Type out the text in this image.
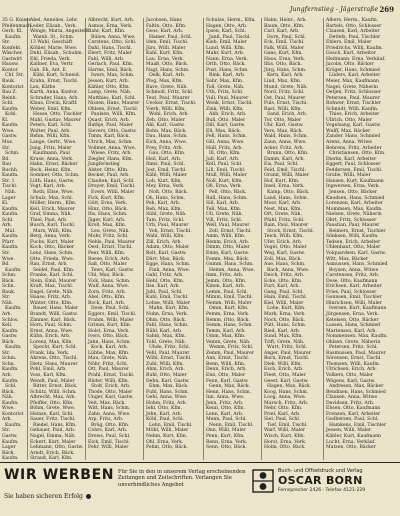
Jungfernstieg - Jägerstraße 269
35 G. Kniesc
Pfeifenmach
Gerb. Kl.
Kaufm.
Str.
Konfekt.
Wäscher.
Gastwirt
Hausw.
Kontor
Chf. Str.
Bauk.
Kontorist
Bau Z.
Reinh.
Schl.
Kaufm.
Kohl.
Kl.
Kaufm.
Wwe.
Gastw.
Mus.
Str.
Schm.
Bd.
Bau
Buchh.
Kaufm.
Str. 1
Tischl.
Näh.
Lager
Kl.
Kaufm.
Kaufm.
Schl.
Arb.
Mal.
Kaufm.
Pfarr.
Kaufm.
Str.
Wwe.
Bd.
Kaufm.
Schm.
Bäck.
Schn.
Bauk.
Str.
Näh.
Kaufm.
Arb.
Schlos.
Kell.
Kaufm.
Gastw.
Bäck.
Kaufm.
Str.
Schm.
Schn.
Kaufm.
Arb.
Kaufm.
Schl.
Bäck.
Näh.
Kaufm.
Wwe.
Kontorist
Arb.
Kaufm.
Str.
Gastw.
Kaufm.
Lager
Bäck.
Kaufm.
Abel, Annelies, Lehr.
Leder, Elisab., Verk.
Wenge, Maria, Angestellt
Wamb. St., Schm.
13 Wahl, Geschäft
Köhler, Marie, Wwe.
Duhl, Elisab., Schuhm.
Ehl, Frieda, Verk.
Kallner, Eva, Vertr.
Gab. Eh, Ant. E.
Kühl, Kurt, Schneid.
Krahn, Ernst, Tischl.
Lau, Käthe
Kurth, Anna, Kontor.
Schrader, Hans, Arb.
Klaus, Erwin, Kraftf.
Weber, Emil, Kfm.
Hesse, Otto, Tischler
Mahl, Gustav, Maurer
Peters, Karl, Schl.
Wolter, Paul, Arb.
Rehm, Willi, Kfm.
Lange, Gertr., Wwe.
Jung, Fritz, Maler
Kaufmann, Paul
Kruse, Anna, Verk.
Hahn, Ernst, Bäcker
Beck, Heinz, Kfm.
Sommer, Otto, Schm.
Lüth, Hans, Gastw.
Vogt, Karl, Arb.
Roth, Elise, Wwe.
Schulz, Max, Schl.
Möller, Herm., Kfm.
Keil, Erich, Maurer
Graf, Emma, Näh.
Thiel, Paul, Arb.
Busch, Karl, Tischl.
Marx, Willi, Kfm.
Berg, Anna, Verk.
Fuchs, Kurt, Maler
Koch, Otto, Bäcker
Lenz, Hans, Schm.
Otto, Frieda, Wwe.
Rau, Ernst, Arb.
Seidel, Paul, Kfm.
Franke, Karl, Schl.
Stein, Emil, Maurer
Kraft, Max, Tischl.
Engel, Grete, Näh.
Haase, Fritz, Arb.
Winter, Otto, Kfm.
Bauer, Hans, Maler
Brandt, Willi, Gastw.
Zimmer, Karl, Bäck.
Horn, Paul, Schm.
Ernst, Anna, Wwe.
Kühn, Erich, Arb.
Lorenz, Max, Kfm.
Specht, Kurt, Schl.
Frank, Ida, Verk.
Ahrens, Otto, Tischl.
Dietz, Hans, Maurer
Pohl, Emil, Arb.
Voss, Karl, Kfm.
Wendt, Paul, Maler
Ritter, Ernst, Bäck.
Schütz, Willi, Schm.
Albrecht, Max, Arb.
Pfeiffer, Otto, Kfm.
Böhm, Grete, Wwe.
Heinze, Karl, Schl.
Sauer, Fritz, Tischl.
Riedel, Hans, Kfm.
Gebauer, Paul, Arb.
Nagel, Emma, Näh.
Eckert, Kurt, Maler
Lehmann, Otto, Gastw.
Arndt, Erich, Bäck.
Strauß, Karl, Kfm.
Albrecht, Kurt, Arb.
Asmus, Erna, Verk.
Bahr, Karl, Kfm.
Bülow, Anna, Wwe.
Carstens, Otto, Schl.
Dahl, Hans, Tischl.
Ebert, Fritz, Maler
Fahl, Willi, Arb.
Gerlach, Paul, Kfm.
Harms, Emil, Bäck.
Iwers, Max, Schm.
Jessen, Kurt, Arb.
Kähler, Otto, Kfm.
Lamp, Grete, Näh.
Matthies, Karl, Schl.
Nissen, Hans, Maurer
Ohlsen, Ernst, Tischl.
Paulsen, Willi, Kfm.
Quast, Erich, Arb.
Rathje, Paul, Maler
Sievers, Otto, Gastw.
Timm, Karl, Bäck.
Ulrich, Max, Schm.
Vollmer, Anna, Wwe.
Wiese, Fritz, Arb.
Ziegler, Hans, Kfm.
Jungfernstieg
Alster, Otto, Kfm.
Becker, Paul, Arb.
Claußen, Karl, Schl.
Dreyer, Emil, Tischl.
Evers, Willi, Maler
Fick, Kurt, Kfm.
Gött, Erna, Verk.
Hinz, Otto, Bäck.
Ibs, Hans, Schm.
Jäger, Karl, Arb.
Kroll, Max, Kfm.
Leu, Grete, Näh.
Mohr, Fritz, Schl.
Nehls, Paul, Maurer
Oest, Ernst, Tischl.
Peer, Willi, Kfm.
Reese, Erich, Arb.
Saß, Otto, Maler
Tews, Karl, Gastw.
Uhl, Max, Bäck.
Vick, Hans, Schm.
Wulf, Anna, Wwe.
Zorn, Fritz, Arb.
Abel, Otto, Kfm.
Bock, Karl, Arb.
Dose, Paul, Schl.
Eggers, Emil, Tischl.
Frahm, Willi, Maler
Grimm, Kurt, Kfm.
Holst, Erna, Verk.
Ivers, Otto, Bäck.
Jahn, Hans, Schm.
Kock, Karl, Arb.
Lübbe, Max, Kfm.
Mau, Grete, Näh.
Nöhr, Fritz, Schl.
Ott, Paul, Maurer
Prahl, Ernst, Tischl.
Rüder, Willi, Kfm.
Stolt, Erich, Arb.
Thode, Otto, Maler
Unger, Karl, Gastw.
Veit, Max, Bäck.
Witt, Hans, Schm.
Zahn, Anna, Wwe.
Arp, Fritz, Arb.
Brüg, Otto, Kfm.
Cohrs, Karl, Arb.
Drews, Paul, Schl.
Eick, Emil, Tischl.
Fehr, Willi, Maler
Jacobsen, Hans
Faltin, Otto, Kfm.
Goos, Karl, Arb.
Hamer, Paul, Schl.
Iden, Emil, Tischl.
Jürs, Willi, Maler
Kahl, Kurt, Kfm.
Lau, Erna, Verk.
Maaß, Otto, Bäck.
Nagl, Hans, Schm.
Oelk, Karl, Arb.
Plog, Max, Kfm.
Rave, Grete, Näh.
Schmoll, Fritz, Schl.
Teut, Paul, Maurer
Uecker, Ernst, Tischl.
Vierk, Willi, Kfm.
Wohl, Erich, Arb.
Zeh, Otto, Maler
Ahl, Karl, Gastw.
Bohn, Max, Bäck.
Dau, Hans, Schm.
Eich, Anna, Wwe.
Frey, Fritz, Arb.
Gau, Otto, Kfm.
Heil, Karl, Arb.
Ihms, Paul, Schl.
Jost, Emil, Tischl.
Kähl, Willi, Maler
Loh, Kurt, Kfm.
Mey, Erna, Verk.
Nolt, Otto, Bäck.
Oh, Hans, Schm.
Peh, Karl, Arb.
Reh, Max, Kfm.
Sühl, Grete, Näh.
Tam, Fritz, Schl.
Urb, Paul, Maurer
Voh, Ernst, Tischl.
Wahl, Willi, Kfm.
Zill, Erich, Arb.
Adam, Otto, Maler
Bolt, Karl, Gastw.
Dürr, Max, Bäck.
Egge, Hans, Schm.
Fink, Anna, Wwe.
Gahl, Fritz, Arb.
Hehl, Otto, Kfm.
Ilse, Karl, Arb.
Juhl, Paul, Schl.
Kuhl, Emil, Tischl.
Lohse, Willi, Maler
Mahn, Kurt, Kfm.
Nuhn, Erna, Verk.
Ohm, Otto, Bäck.
Pahl, Hans, Schm.
Rühl, Karl, Arb.
Sahm, Max, Kfm.
Tohl, Grete, Näh.
Uhde, Fritz, Schl.
Vehl, Paul, Maurer
Wöhl, Ernst, Tischl.
Zuhl, Willi, Kfm.
Ahm, Erich, Arb.
Buhl, Otto, Maler
Dehn, Karl, Gastw.
Ehm, Max, Bäck.
Fuhl, Hans, Schm.
Gehl, Anna, Wwe.
Hohm, Fritz, Arb.
Iehl, Otto, Kfm.
Jehn, Karl, Arb.
Köhl, Paul, Schl.
Lehn, Emil, Tischl.
Mühl, Willi, Maler
Nehm, Kurt, Kfm.
Ohl, Erna, Verk.
Pehm, Otto, Bäck.
Schulze, Herm., Kfm.
Hagen, Otto, Arb.
Ipsen, Karl, Schl.
Janß, Paul, Tischl.
Kieb, Emil, Maler
Lund, Willi, Kfm.
Mahr, Kurt, Arb.
Nann, Erna, Verk.
Orth, Otto, Bäck.
Pust, Hans, Schm.
Rink, Karl, Arb.
Sahr, Max, Kfm.
Toll, Grete, Näh.
Uth, Fritz, Schl.
Vull, Paul, Maurer
Wenk, Ernst, Tischl.
Zink, Willi, Kfm.
Abb, Erich, Arb.
Bull, Otto, Maler
Dill, Karl, Gastw.
Ell, Max, Bäck.
Fell, Hans, Schm.
Gill, Anna, Wwe.
Hull, Fritz, Arb.
Ill, Otto, Kfm.
Jull, Karl, Arb.
Kell, Paul, Schl.
Lill, Emil, Tischl.
Mull, Willi, Maler
Noll, Kurt, Kfm.
Oll, Erna, Verk.
Pell, Otto, Bäck.
Rull, Hans, Schm.
Sill, Karl, Arb.
Tell, Max, Kfm.
Ull, Grete, Näh.
Vill, Fritz, Schl.
Well, Paul, Maurer
Zell, Ernst, Tischl.
Amm, Willi, Kfm.
Bemm, Erich, Arb.
Dimm, Otto, Maler
Emm, Karl, Gastw.
Fomm, Max, Bäck.
Gumm, Hans, Schm.
Hemm, Anna, Wwe.
Imm, Fritz, Arb.
Jemm, Otto, Kfm.
Kimm, Karl, Arb.
Lemm, Paul, Schl.
Mimm, Emil, Tischl.
Nemm, Willi, Maler
Omm, Kurt, Kfm.
Pemm, Erna, Verk.
Remm, Otto, Bäck.
Semm, Hans, Schm.
Temm, Karl, Arb.
Umm, Max, Kfm.
Vemm, Grete, Näh.
Wemm, Fritz, Schl.
Zemm, Paul, Maurer
Ann, Ernst, Tischl.
Benn, Willi, Kfm.
Denn, Erich, Arb.
Enn, Otto, Maler
Fenn, Karl, Gastw.
Genn, Max, Bäck.
Henn, Hans, Schm.
Inn, Anna, Wwe.
Jenn, Fritz, Arb.
Kenn, Otto, Kfm.
Lenn, Karl, Arb.
Menn, Paul, Schl.
Nenn, Emil, Tischl.
Onn, Willi, Maler
Penn, Kurt, Kfm.
Renn, Erna, Verk.
Senn, Otto, Bäck.
Hahn, Heinr., Arb.
Baum, Otto, Kfm.
Carl, Karl, Arb.
Dorn, Paul, Schl.
Eck, Emil, Tischl.
Falk, Willi, Maler
Gans, Kurt, Kfm.
Haus, Erna, Verk.
Iltis, Otto, Bäck.
Jürg, Hans, Schm.
Kern, Karl, Arb.
Lind, Max, Kfm.
Mund, Grete, Näh.
Nord, Fritz, Schl.
Ost, Paul, Maurer
Puls, Ernst, Tischl.
Rast, Willi, Kfm.
Sand, Erich, Arb.
Tor, Otto, Maler
Uhr, Karl, Gastw.
Vers, Max, Bäck.
Wald, Hans, Schm.
Zaun, Anna, Wwe.
Acker, Fritz, Arb.
Brunn, Otto, Kfm.
Damm, Karl, Arb.
Eis, Paul, Schl.
Feld, Emil, Tischl.
Grund, Willi, Maler
Hof, Kurt, Kfm.
Insel, Erna, Verk.
Kamp, Otto, Bäck.
Land, Hans, Schm.
Moor, Karl, Arb.
Nest, Max, Kfm.
Ort, Grete, Näh.
Pfahl, Fritz, Schl.
Rain, Paul, Maurer
Stock, Ernst, Tischl.
Teich, Willi, Kfm.
Ufer, Erich, Arb.
Vogel, Otto, Maler
Weg, Karl, Gastw.
Zoll, Max, Bäck.
Aue, Hans, Schm.
Bach, Anna, Wwe.
Deich, Fritz, Arb.
Ecke, Otto, Kfm.
Furt, Karl, Arb.
Gang, Paul, Schl.
Hain, Emil, Tischl.
Kiel, Willi, Maler
Lohe, Kurt, Kfm.
Mark, Erna, Verk.
Nock, Otto, Bäck.
Pütt, Hans, Schm.
Ried, Karl, Arb.
Sund, Max, Kfm.
Trift, Grete, Näh.
Wurt, Fritz, Schl.
Anger, Paul, Maurer
Born, Ernst, Tischl.
Diek, Willi, Kfm.
Esch, Erich, Arb.
Fleet, Otto, Maler
Geest, Karl, Gastw.
Hagen, Max, Bäck.
Koog, Hans, Schm.
Loog, Anna, Wwe.
Marsch, Fritz, Arb.
Nehr, Otto, Kfm.
Priel, Karl, Arb.
Siel, Paul, Schl.
Tief, Emil, Tischl.
Warf, Willi, Maler
Wisch, Kurt, Kfm.
Horst, Erna, Verk.
Holm, Otto, Bäck.
Albers, Herm., Kaufm.
Bartels, Otto, Schlosser
Claasen, Karl, Arbeiter
Detlefs, Paul, Tischler
Ehlers, Emil, Maler
Friedrichs, Willi, Kaufm.
Gosch, Kurt, Arbeiter
Heitmann, Erna, Verkäuf.
Jacobs, Otto, Bäcker
Kröger, Hans, Schmied
Lüders, Karl, Arbeiter
Meier, Max, Kaufmann
Nagel, Grete, Näherin
Oetjen, Fritz, Schlosser
Petersen, Paul, Maurer
Rohwer, Ernst, Tischler
Schmidt, Willi, Kaufm.
Thies, Erich, Arbeiter
Ullrich, Otto, Maler
Vogelsang, Karl, Gastw.
Wulff, Max, Bäcker
Zander, Hans, Schmied
Arens, Anna, Witwe
Behrens, Fritz, Arbeiter
Christiansen, Otto, Kfm.
Dierks, Karl, Arbeiter
Eggert, Paul, Schlosser
Feddersen, Emil, Tischl.
Grube, Willi, Maler
Hansen, Kurt, Kaufmann
Ingwersen, Erna, Verk.
Jensen, Otto, Bäcker
Knudsen, Hans, Schmied
Lorenzen, Karl, Arbeiter
Mommsen, Max, Kaufm.
Nielsen, Grete, Näherin
Ohrt, Fritz, Schlosser
Paustian, Paul, Maurer
Reimers, Ernst, Tischler
Sönksen, Willi, Kaufm.
Tedsen, Erich, Arbeiter
Uhlenhaut, Otto, Maler
Volquardsen, Karl, Gastw.
Witt, Max, Bäcker
Asmussen, Hans, Schmied
Boysen, Anna, Witwe
Carstensen, Fritz, Arb.
Dose, Otto, Kaufmann
Erichsen, Karl, Arbeiter
Fries, Paul, Schlosser
Gonnsen, Emil, Tischler
Hinrichsen, Willi, Maler
Iversen, Kurt, Kaufmann
Jürgensen, Erna, Verk.
Ketelsen, Otto, Bäcker
Lassen, Hans, Schmied
Martensen, Karl, Arb.
Nommensen, Max, Kaufm.
Ohlsen, Grete, Näherin
Petersen, Fritz, Schl.
Rasmussen, Paul, Maurer
Sörensen, Ernst, Tischl.
Thomsen, Willi, Kaufm.
Ulrichsen, Erich, Arb.
Volkers, Otto, Maler
Wögens, Karl, Gastw.
Andresen, Max, Bäcker
Bendixen, Hans, Schmied
Clausen, Anna, Witwe
Davidsen, Fritz, Arb.
Ebsen, Otto, Kaufmann
Frenzen, Karl, Arbeiter
Godbersen, Paul, Schl.
Hamkens, Emil, Tischler
Jessen, Willi, Maler
Kähler, Kurt, Kaufmann
Lucht, Erna, Verkäuf.
Matzen, Otto, Bäcker
WIR WERBEN
Sie haben sicheren Erfolg
Für Sie in den in unserem Verlag erscheinenden Zeitungen und Zeitschriften. Verlangen Sie unverbindliches Angebot
Buch- und Offsetdruck und Verlag
OSCAR BORN
Fernsprecher 2426 · Telefax 4121-229
